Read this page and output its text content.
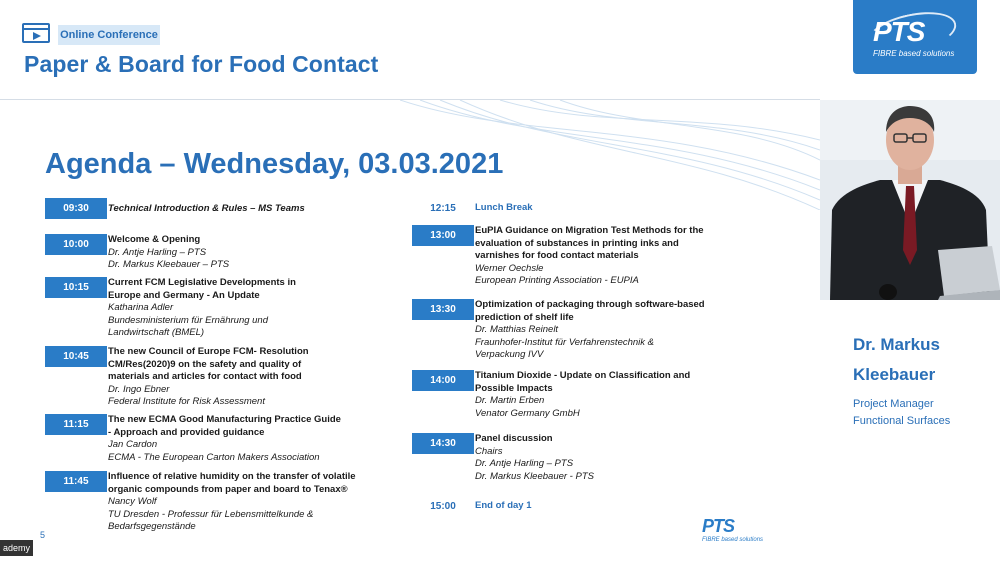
Online Conference
Paper & Board for Food Contact
PTS
FIBRE based solutions
Agenda – Wednesday, 03.03.2021
09:30	Technical Introduction & Rules – MS Teams
10:00	Welcome & Opening
Dr. Antje Harling – PTS
Dr. Markus Kleebauer – PTS
10:15	Current FCM Legislative Developments in Europe and Germany - An Update
Katharina Adler
Bundesministerium für Ernährung und Landwirtschaft (BMEL)
10:45	The new Council of Europe FCM- Resolution CM/Res(2020)9 on the safety and quality of materials and articles for contact with food
Dr. Ingo Ebner
Federal Institute for Risk Assessment
11:15	The new ECMA Good Manufacturing Practice Guide - Approach and provided guidance
Jan Cardon
ECMA - The European Carton Makers Association
11:45	Influence of relative humidity on the transfer of volatile organic compounds from paper and board to Tenax®
Nancy Wolf
TU Dresden - Professur für Lebensmittelkunde & Bedarfsgegenstände
12:15	Lunch Break
13:00	EuPIA Guidance on Migration Test Methods for the evaluation of substances in printing inks and varnishes for food contact materials
Werner Oechsle
European Printing Association - EUPIA
13:30	Optimization of packaging through software-based prediction of shelf life
Dr. Matthias Reinelt
Fraunhofer-Institut für Verfahrenstechnik & Verpackung IVV
14:00	Titanium Dioxide - Update on Classification and Possible Impacts
Dr. Martin Erben
Venator Germany GmbH
14:30	Panel discussion
Chairs
Dr. Antje Harling – PTS
Dr. Markus Kleebauer - PTS
15:00	End of day 1
5	PTS
FIBRE based solutions
Dr. Markus
Kleebauer
Project Manager
Functional Surfaces
ademy
